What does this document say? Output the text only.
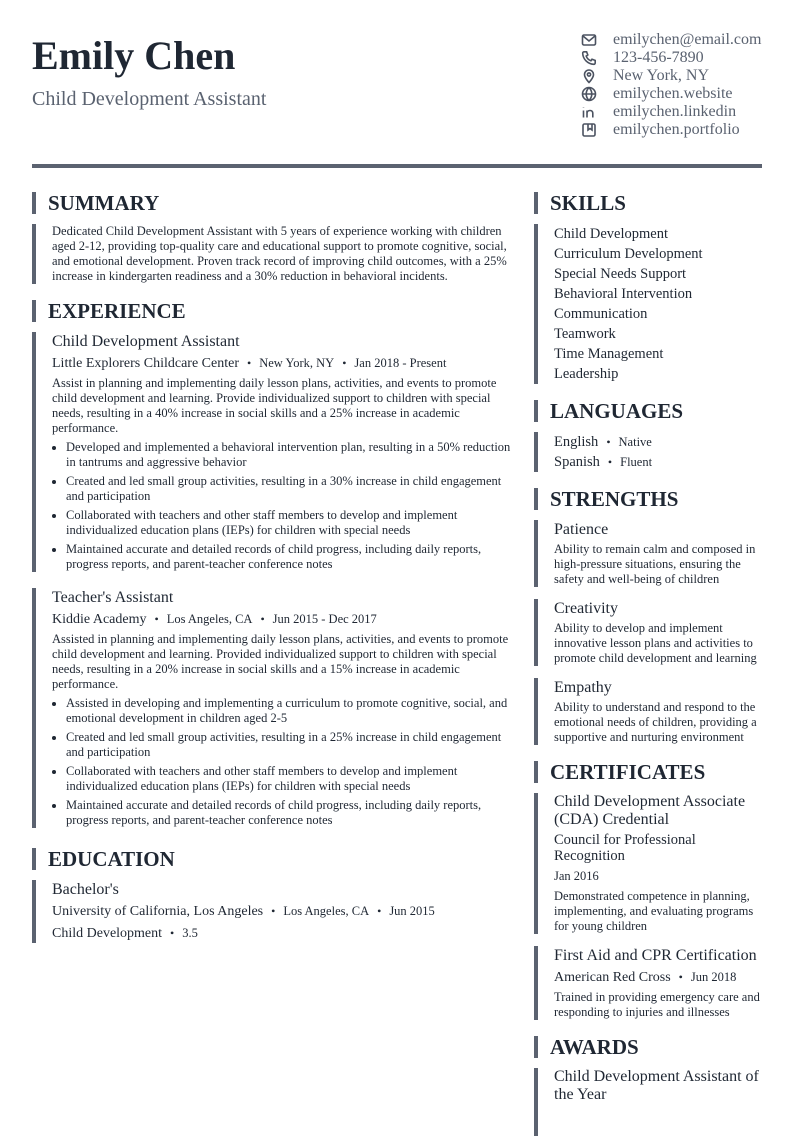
Emily Chen
Child Development Assistant
emilychen@email.com
123-456-7890
New York, NY
emilychen.website
emilychen.linkedin
emilychen.portfolio
SUMMARY
Dedicated Child Development Assistant with 5 years of experience working with children aged 2-12, providing top-quality care and educational support to promote cognitive, social, and emotional development. Proven track record of improving child outcomes, with a 25% increase in kindergarten readiness and a 30% reduction in behavioral incidents.
EXPERIENCE
Child Development Assistant
Little Explorers Childcare Center • New York, NY • Jan 2018 - Present
Assist in planning and implementing daily lesson plans, activities, and events to promote child development and learning. Provide individualized support to children with special needs, resulting in a 40% increase in social skills and a 25% increase in academic performance.
• Developed and implemented a behavioral intervention plan, resulting in a 50% reduction in tantrums and aggressive behavior
• Created and led small group activities, resulting in a 30% increase in child engagement and participation
• Collaborated with teachers and other staff members to develop and implement individualized education plans (IEPs) for children with special needs
• Maintained accurate and detailed records of child progress, including daily reports, progress reports, and parent-teacher conference notes
Teacher's Assistant
Kiddie Academy • Los Angeles, CA • Jun 2015 - Dec 2017
Assisted in planning and implementing daily lesson plans, activities, and events to promote child development and learning. Provided individualized support to children with special needs, resulting in a 20% increase in social skills and a 15% increase in academic performance.
• Assisted in developing and implementing a curriculum to promote cognitive, social, and emotional development in children aged 2-5
• Created and led small group activities, resulting in a 25% increase in child engagement and participation
• Collaborated with teachers and other staff members to develop and implement individualized education plans (IEPs) for children with special needs
• Maintained accurate and detailed records of child progress, including daily reports, progress reports, and parent-teacher conference notes
EDUCATION
Bachelor's
University of California, Los Angeles • Los Angeles, CA • Jun 2015
Child Development • 3.5
SKILLS
Child Development
Curriculum Development
Special Needs Support
Behavioral Intervention
Communication
Teamwork
Time Management
Leadership
LANGUAGES
English • Native
Spanish • Fluent
STRENGTHS
Patience
Ability to remain calm and composed in high-pressure situations, ensuring the safety and well-being of children
Creativity
Ability to develop and implement innovative lesson plans and activities to promote child development and learning
Empathy
Ability to understand and respond to the emotional needs of children, providing a supportive and nurturing environment
CERTIFICATES
Child Development Associate (CDA) Credential
Council for Professional Recognition
Jan 2016
Demonstrated competence in planning, implementing, and evaluating programs for young children
First Aid and CPR Certification
American Red Cross • Jun 2018
Trained in providing emergency care and responding to injuries and illnesses
AWARDS
Child Development Assistant of the Year
